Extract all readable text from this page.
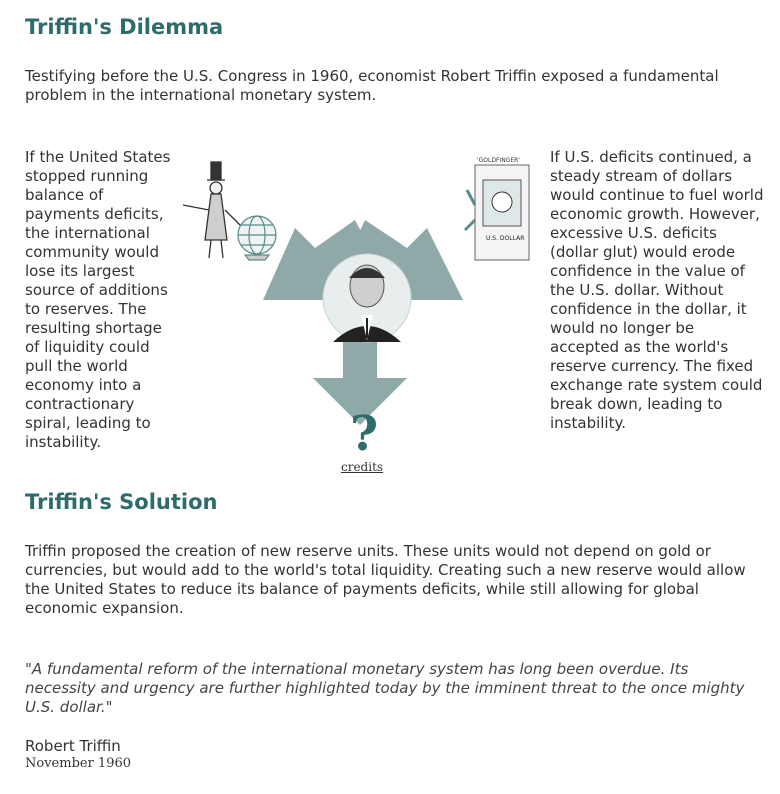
Triffin's Dilemma

Testifying before the U.S. Congress in 1960, economist Robert Triffin exposed a fundamental problem in the international monetary system.

If the United States stopped running balance of payments deficits, the international community would lose its largest source of additions to reserves. The resulting shortage of liquidity could pull the world economy into a contractionary spiral, leading to instability.	?
'GOLDFINGER'
U.S. DOLLAR
credits
If U.S. deficits continued, a steady stream of dollars would continue to fuel world economic growth. However, excessive U.S. deficits (dollar glut) would erode confidence in the value of the U.S. dollar. Without confidence in the dollar, it would no longer be accepted as the world's reserve currency. The fixed exchange rate system could break down, leading to instability.
Triffin's Solution

Triffin proposed the creation of new reserve units. These units would not depend on gold or currencies, but would add to the world's total liquidity. Creating such a new reserve would allow the United States to reduce its balance of payments deficits, while still allowing for global economic expansion.

"A fundamental reform of the international monetary system has long been overdue. Its necessity and urgency are further highlighted today by the imminent threat to the once mighty U.S. dollar."
Robert Triffin
November 1960
